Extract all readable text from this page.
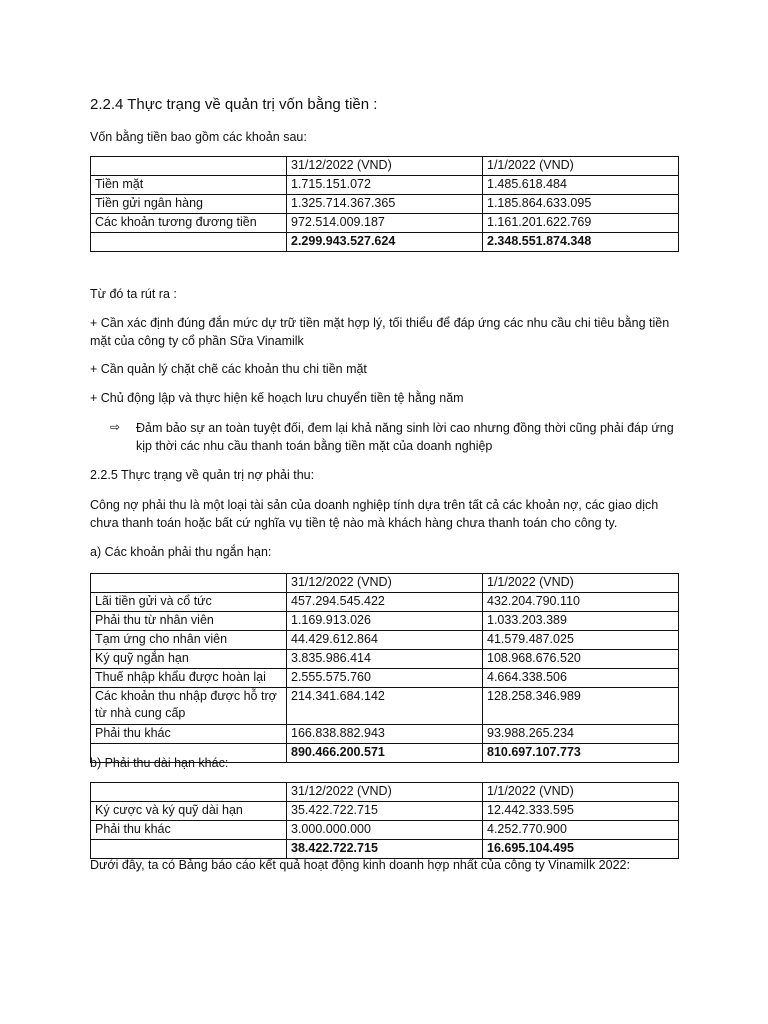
2.2.4 Thực trạng về quản trị vốn bằng tiền :
Vốn bằng tiền bao gồm các khoản sau:
	31/12/2022 (VND)	1/1/2022 (VND)
Tiền mặt	1.715.151.072	1.485.618.484
Tiền gửi ngân hàng	1.325.714.367.365	1.185.864.633.095
Các khoản tương đương tiền	972.514.009.187	1.161.201.622.769
	2.299.943.527.624	2.348.551.874.348
Từ đó ta rút ra :
+ Cần xác định đúng đắn mức dự trữ tiền mặt hợp lý, tối thiểu để đáp ứng các nhu cầu chi tiêu bằng tiền
mặt của công ty cổ phần Sữa Vinamilk
+ Cần quản lý chặt chẽ các khoản thu chi tiền mặt
+ Chủ động lập và thực hiện kế hoạch lưu chuyển tiền tệ hằng năm
⇨ Đảm bảo sự an toàn tuyệt đối, đem lại khả năng sinh lời cao nhưng đồng thời cũng phải đáp ứng
kịp thời các nhu cầu thanh toán bằng tiền mặt của doanh nghiệp
2.2.5 Thực trạng về quản trị nợ phải thu:
Công nợ phải thu là một loại tài sản của doanh nghiệp tính dựa trên tất cả các khoản nợ, các giao dịch
chưa thanh toán hoặc bất cứ nghĩa vụ tiền tệ nào mà khách hàng chưa thanh toán cho công ty.
a) Các khoản phải thu ngắn hạn:
	31/12/2022 (VND)	1/1/2022 (VND)
Lãi tiền gửi và cổ tức	457.294.545.422	432.204.790.110
Phải thu từ nhân viên	1.169.913.026	1.033.203.389
Tạm ứng cho nhân viên	44.429.612.864	41.579.487.025
Ký quỹ ngắn hạn	3.835.986.414	108.968.676.520
Thuế nhập khẩu được hoàn lại	2.555.575.760	4.664.338.506
Các khoản thu nhập được hỗ trợ từ nhà cung cấp	214.341.684.142	128.258.346.989
Phải thu khác	166.838.882.943	93.988.265.234
	890.466.200.571	810.697.107.773
b) Phải thu dài hạn khác:
	31/12/2022 (VND)	1/1/2022 (VND)
Ký cược và ký quỹ dài hạn	35.422.722.715	12.442.333.595
Phải thu khác	3.000.000.000	4.252.770.900
	38.422.722.715	16.695.104.495
Dưới đây, ta có Bảng báo cáo kết quả hoạt động kinh doanh hợp nhất của công ty Vinamilk 2022:
